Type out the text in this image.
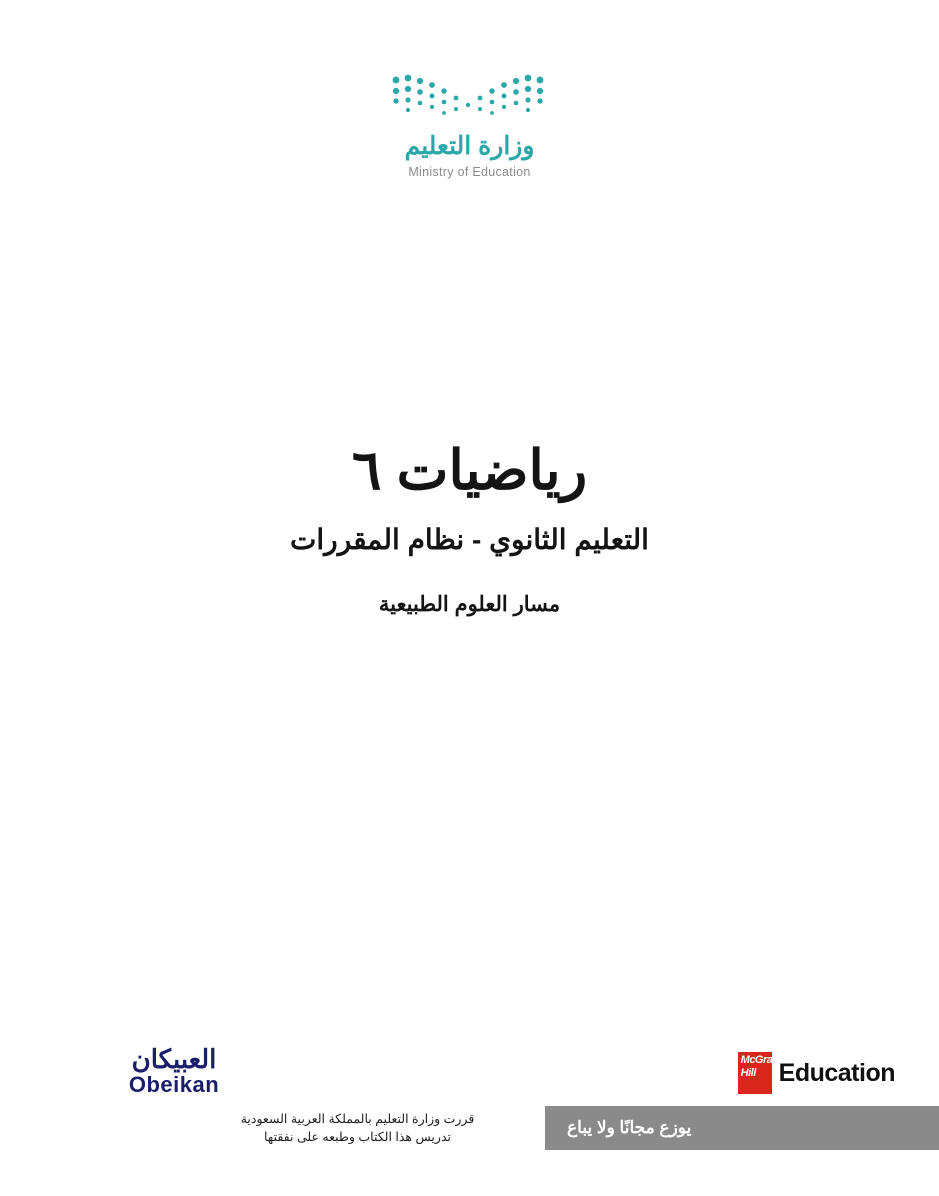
وزارة التعليم
Ministry of Education
رياضيات ٦
التعليم الثانوي - نظام المقررات
مسار العلوم الطبيعية
العبيكان
Obeikan
McGraw Hill Education
يوزع مجانًا ولا يباع
قررت وزارة التعليم بالمملكة العربية السعودية
تدريس هذا الكتاب وطبعه على نفقتها
